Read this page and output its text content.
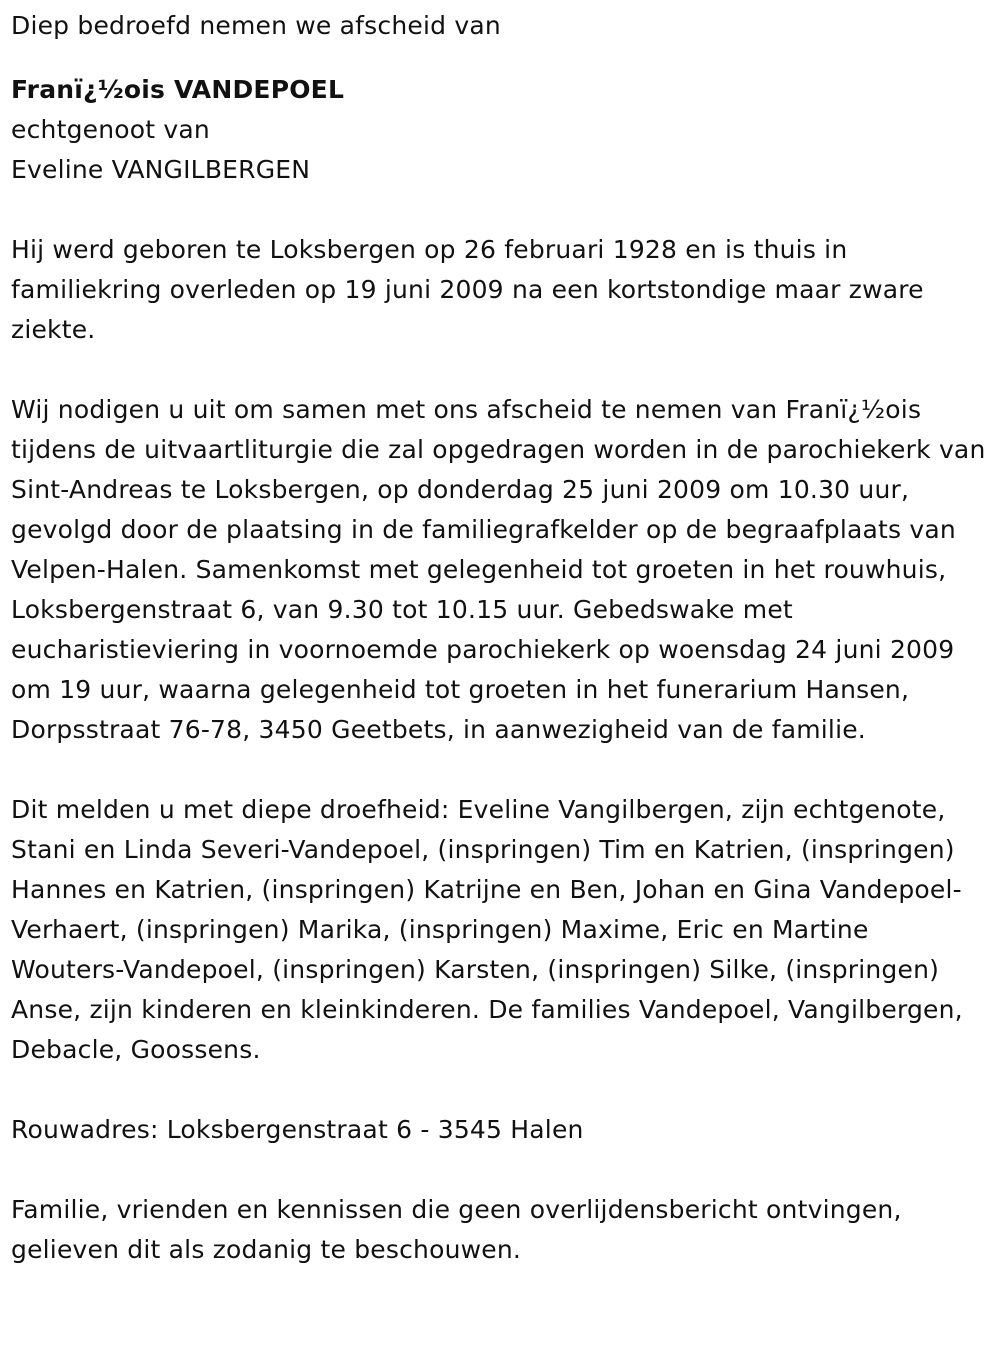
Diep bedroefd nemen we afscheid van
Franï¿½ois VANDEPOEL
echtgenoot van
Eveline VANGILBERGEN
Hij werd geboren te Loksbergen op 26 februari 1928 en is thuis in familiekring overleden op 19 juni 2009 na een kortstondige maar zware ziekte.
Wij nodigen u uit om samen met ons afscheid te nemen van Franï¿½ois tijdens de uitvaartliturgie die zal opgedragen worden in de parochiekerk van Sint-Andreas te Loksbergen, op donderdag 25 juni 2009 om 10.30 uur, gevolgd door de plaatsing in de familiegrafkelder op de begraafplaats van Velpen-Halen. Samenkomst met gelegenheid tot groeten in het rouwhuis, Loksbergenstraat 6, van 9.30 tot 10.15 uur. Gebedswake met eucharistieviering in voornoemde parochiekerk op woensdag 24 juni 2009 om 19 uur, waarna gelegenheid tot groeten in het funerarium Hansen, Dorpsstraat 76-78, 3450 Geetbets, in aanwezigheid van de familie.
Dit melden u met diepe droefheid: Eveline Vangilbergen, zijn echtgenote, Stani en Linda Severi-Vandepoel, (inspringen) Tim en Katrien, (inspringen) Hannes en Katrien, (inspringen) Katrijne en Ben, Johan en Gina Vandepoel-Verhaert, (inspringen) Marika, (inspringen) Maxime, Eric en Martine Wouters-Vandepoel, (inspringen) Karsten, (inspringen) Silke, (inspringen) Anse, zijn kinderen en kleinkinderen. De families Vandepoel, Vangilbergen, Debacle, Goossens.
Rouwadres: Loksbergenstraat 6 - 3545 Halen
Familie, vrienden en kennissen die geen overlijdensbericht ontvingen, gelieven dit als zodanig te beschouwen.
